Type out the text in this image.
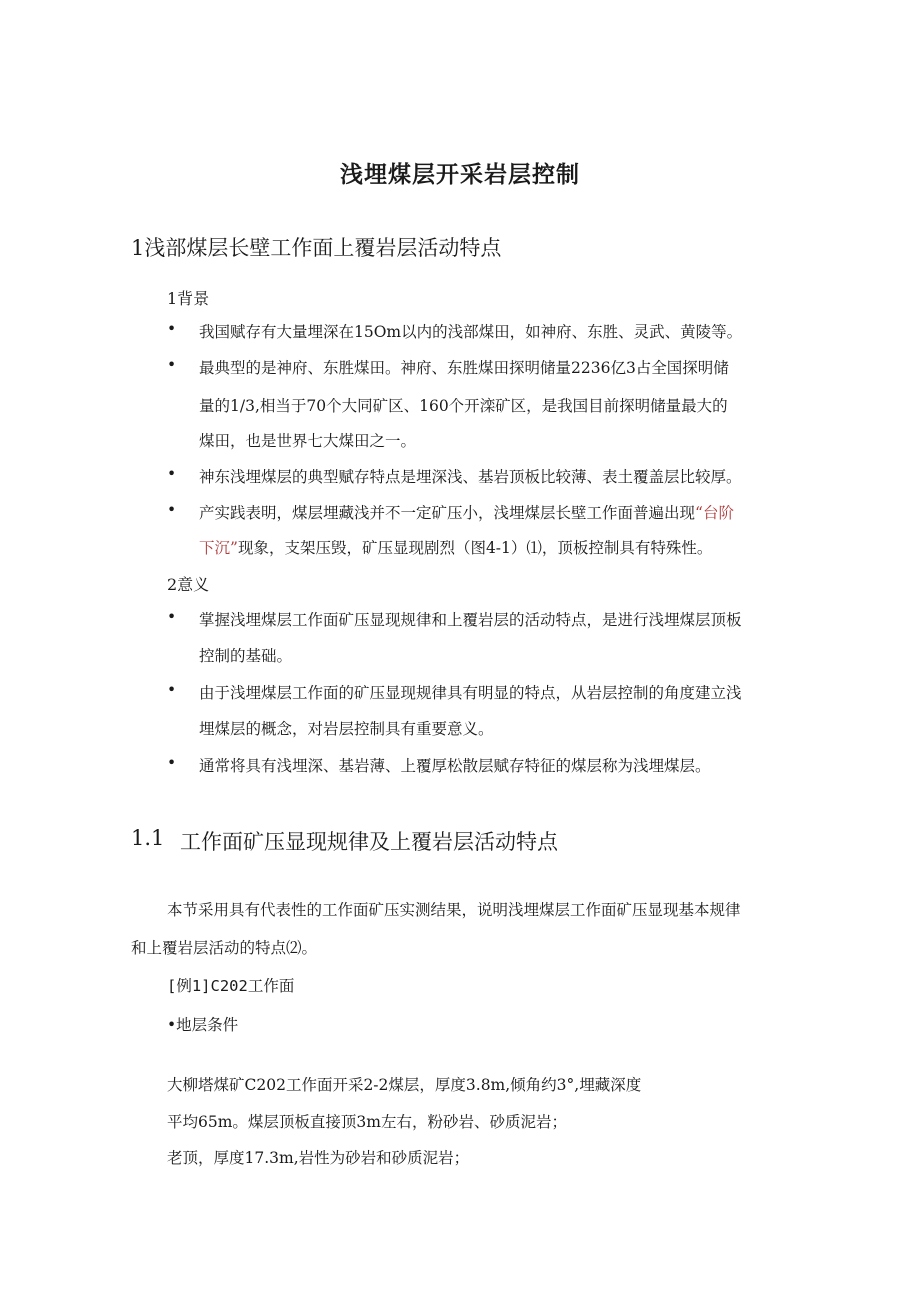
浅埋煤层开采岩层控制
1浅部煤层长壁工作面上覆岩层活动特点
1背景
• 我国赋存有大量埋深在15Om以内的浅部煤田，如神府、东胜、灵武、黄陵等。
• 最典型的是神府、东胜煤田。神府、东胜煤田探明储量2236亿3占全国探明储
量的1/3,相当于70个大同矿区、160个开滦矿区，是我国目前探明储量最大的
煤田，也是世界七大煤田之一。
• 神东浅埋煤层的典型赋存特点是埋深浅、基岩顶板比较薄、表土覆盖层比较厚。
• 产实践表明，煤层埋藏浅并不一定矿压小，浅埋煤层长壁工作面普遍出现“台阶
下沉”现象，支架压毁，矿压显现剧烈（图4-1）⑴，顶板控制具有特殊性。
2意义
• 掌握浅埋煤层工作面矿压显现规律和上覆岩层的活动特点，是进行浅埋煤层顶板
控制的基础。
• 由于浅埋煤层工作面的矿压显现规律具有明显的特点，从岩层控制的角度建立浅
埋煤层的概念，对岩层控制具有重要意义。
• 通常将具有浅埋深、基岩薄、上覆厚松散层赋存特征的煤层称为浅埋煤层。
1.1 工作面矿压显现规律及上覆岩层活动特点
本节采用具有代表性的工作面矿压实测结果，说明浅埋煤层工作面矿压显现基本规律
和上覆岩层活动的特点⑵。
[例1]C202工作面
•地层条件
大柳塔煤矿C202工作面开采2-2煤层，厚度3.8m,倾角约3°,埋藏深度
平均65m。煤层顶板直接顶3m左右，粉砂岩、砂质泥岩；
老顶，厚度17.3m,岩性为砂岩和砂质泥岩；
